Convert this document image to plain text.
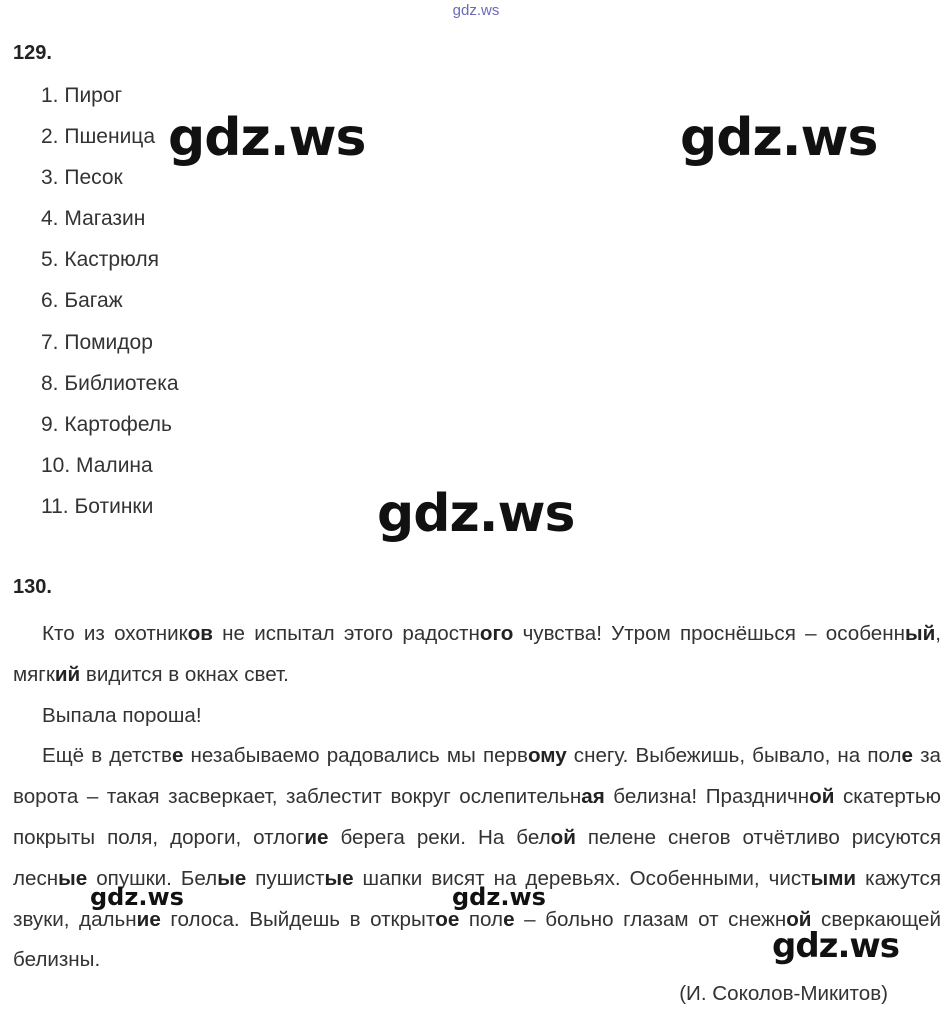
gdz.ws
129.
1. Пирог
2. Пшеница
3. Песок
4. Магазин
5. Кастрюля
6. Багаж
7. Помидор
8. Библиотека
9. Картофель
10. Малина
11. Ботинки
130.

Кто из охотников не испытал этого радостного чувства! Утром проснёшься – особенный, мягкий видится в окнах свет.

Выпала пороша!

Ещё в детстве незабываемо радовались мы первому снегу. Выбежишь, бывало, на поле за ворота – такая засверкает, заблестит вокруг ослепительная белизна! Праздничной скатертью покрыты поля, дороги, отлогие берега реки. На белой пелене снегов отчётливо рисуются лесные опушки. Белые пушистые шапки висят на деревьях. Особенными, чистыми кажутся звуки, дальние голоса. Выйдешь в открытое поле – больно глазам от снежной сверкающей белизны.

(И. Соколов-Микитов)
gdz.ws	gdz.ws
gdz.ws
gdz.ws	gdz.ws
gdz.ws
